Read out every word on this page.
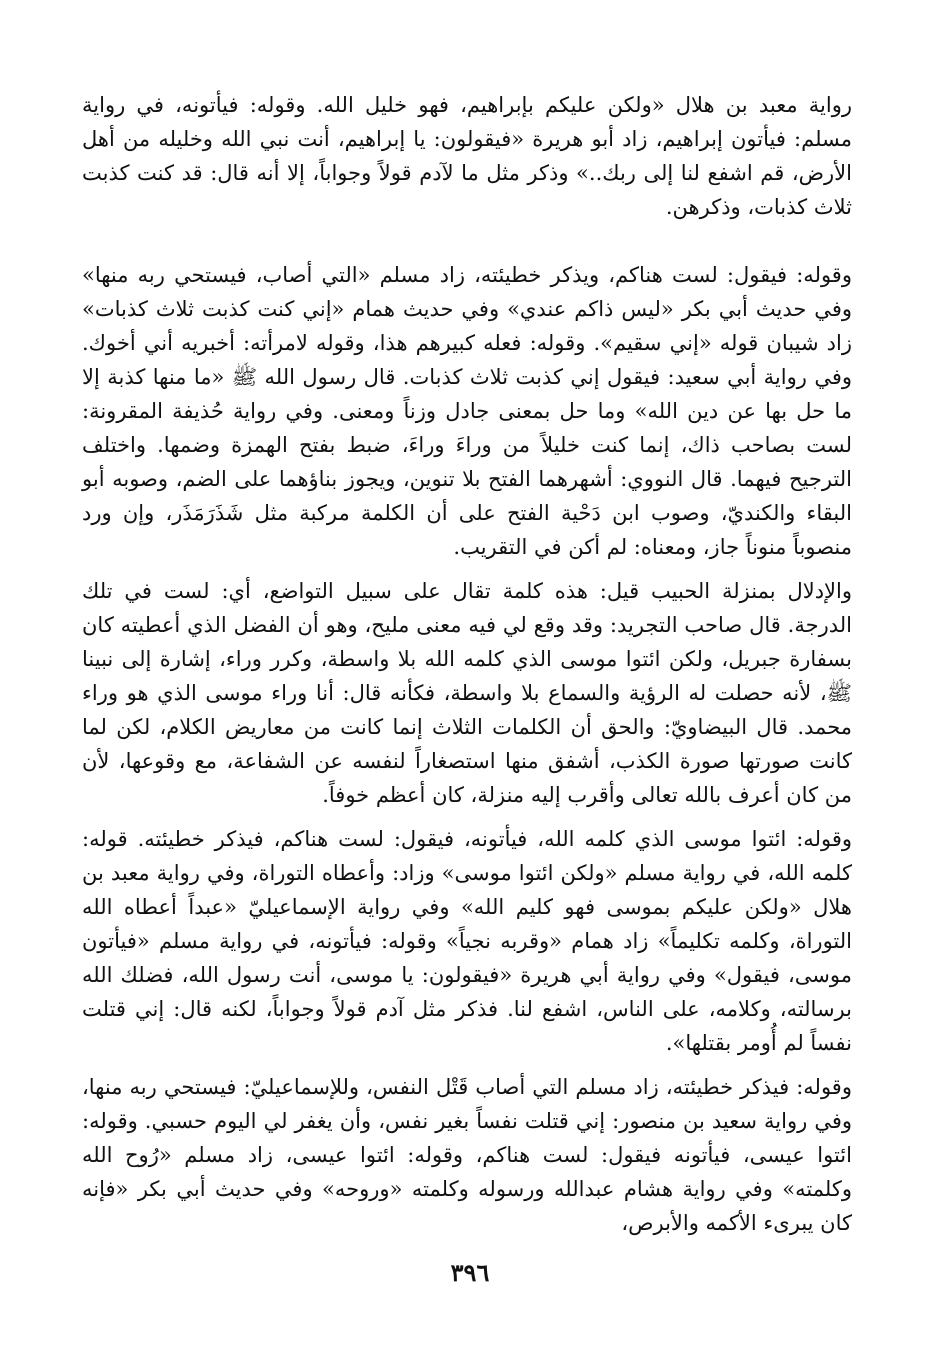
رواية معبد بن هلال «ولكن عليكم بإبراهيم، فهو خليل الله. وقوله: فيأتونه، في رواية مسلم: فيأتون إبراهيم، زاد أبو هريرة «فيقولون: يا إبراهيم، أنت نبي الله وخليله من أهل الأرض، قم اشفع لنا إلى ربك..» وذكر مثل ما لآدم قولاً وجواباً، إلا أنه قال: قد كنت كذبت ثلاث كذبات، وذكرهن.

وقوله: فيقول: لست هناكم، ويذكر خطيئته، زاد مسلم «التي أصاب، فيستحي ربه منها» وفي حديث أبي بكر «ليس ذاكم عندي» وفي حديث همام «إني كنت كذبت ثلاث كذبات» زاد شيبان قوله «إني سقيم». وقوله: فعله كبيرهم هذا، وقوله لامرأته: أخبريه أني أخوك. وفي رواية أبي سعيد: فيقول إني كذبت ثلاث كذبات. قال رسول الله ﷺ «ما منها كذبة إلا ما حل بها عن دين الله» وما حل بمعنى جادل وزناً ومعنى. وفي رواية حُذيفة المقرونة: لست بصاحب ذاك، إنما كنت خليلاً من وراءَ وراءَ، ضبط بفتح الهمزة وضمها. واختلف الترجيح فيهما. قال النووي: أشهرهما الفتح بلا تنوين، ويجوز بناؤهما على الضم، وصوبه أبو البقاء والكنديّ، وصوب ابن دَحْية الفتح على أن الكلمة مركبة مثل شَذَرَمَذَر، وإن ورد منصوباً منوناً جاز، ومعناه: لم أكن في التقريب.

والإدلال بمنزلة الحبيب قيل: هذه كلمة تقال على سبيل التواضع، أي: لست في تلك الدرجة. قال صاحب التجريد: وقد وقع لي فيه معنى مليح، وهو أن الفضل الذي أعطيته كان بسفارة جبريل، ولكن ائتوا موسى الذي كلمه الله بلا واسطة، وكرر وراء، إشارة إلى نبينا ﷺ، لأنه حصلت له الرؤية والسماع بلا واسطة، فكأنه قال: أنا وراء موسى الذي هو وراء محمد. قال البيضاويّ: والحق أن الكلمات الثلاث إنما كانت من معاريض الكلام، لكن لما كانت صورتها صورة الكذب، أشفق منها استصغاراً لنفسه عن الشفاعة، مع وقوعها، لأن من كان أعرف بالله تعالى وأقرب إليه منزلة، كان أعظم خوفاً.

وقوله: ائتوا موسى الذي كلمه الله، فيأتونه، فيقول: لست هناكم، فيذكر خطيئته. قوله: كلمه الله، في رواية مسلم «ولكن ائتوا موسى» وزاد: وأعطاه التوراة، وفي رواية معبد بن هلال «ولكن عليكم بموسى فهو كليم الله» وفي رواية الإسماعيليّ «عبداً أعطاه الله التوراة، وكلمه تكليماً» زاد همام «وقربه نجياً» وقوله: فيأتونه، في رواية مسلم «فيأتون موسى، فيقول» وفي رواية أبي هريرة «فيقولون: يا موسى، أنت رسول الله، فضلك الله برسالته، وكلامه، على الناس، اشفع لنا. فذكر مثل آدم قولاً وجواباً، لكنه قال: إني قتلت نفساً لم أُومر بقتلها».

وقوله: فيذكر خطيئته، زاد مسلم التي أصاب قَتْل النفس، وللإسماعيليّ: فيستحي ربه منها، وفي رواية سعيد بن منصور: إني قتلت نفساً بغير نفس، وأن يغفر لي اليوم حسبي. وقوله: ائتوا عيسى، فيأتونه فيقول: لست هناكم، وقوله: ائتوا عيسى، زاد مسلم «رُوح الله وكلمته» وفي رواية هشام عبدالله ورسوله وكلمته «وروحه» وفي حديث أبي بكر «فإنه كان يبرىء الأكمه والأبرص،

٣٩٦
